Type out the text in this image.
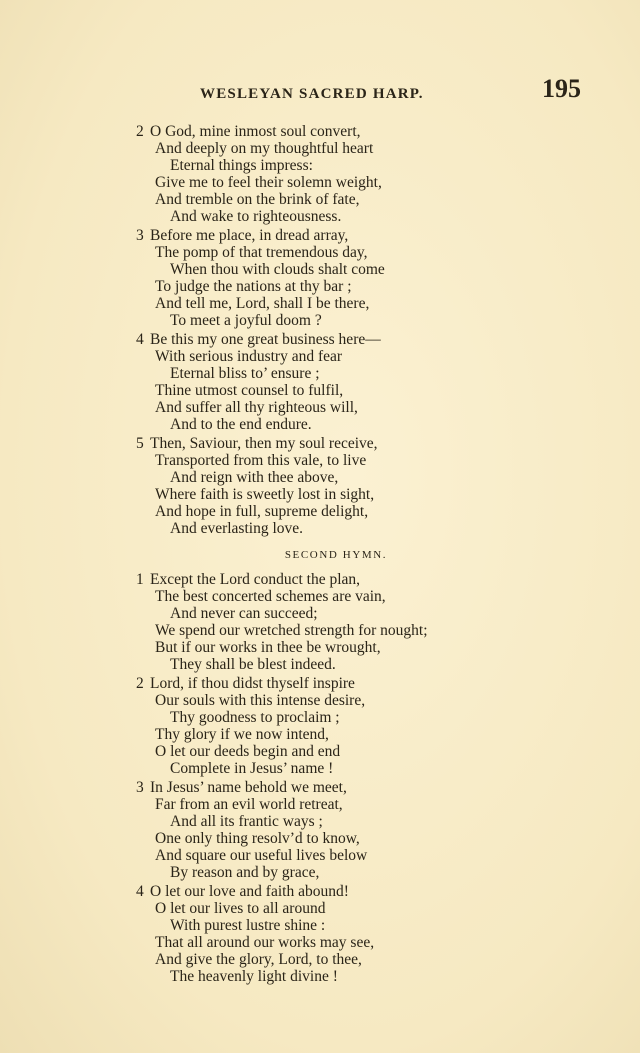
WESLEYAN SACRED HARP.	195
2 O God, mine inmost soul convert,
And deeply on my thoughtful heart
Eternal things impress:
Give me to feel their solemn weight,
And tremble on the brink of fate,
And wake to righteousness.
3 Before me place, in dread array,
The pomp of that tremendous day,
When thou with clouds shalt come
To judge the nations at thy bar ;
And tell me, Lord, shall I be there,
To meet a joyful doom ?
4 Be this my one great business here—
With serious industry and fear
Eternal bliss to’ ensure ;
Thine utmost counsel to fulfil,
And suffer all thy righteous will,
And to the end endure.
5 Then, Saviour, then my soul receive,
Transported from this vale, to live
And reign with thee above,
Where faith is sweetly lost in sight,
And hope in full, supreme delight,
And everlasting love.
SECOND HYMN.
1 Except the Lord conduct the plan,
The best concerted schemes are vain,
And never can succeed;
We spend our wretched strength for nought;
But if our works in thee be wrought,
They shall be blest indeed.
2 Lord, if thou didst thyself inspire
Our souls with this intense desire,
Thy goodness to proclaim ;
Thy glory if we now intend,
O let our deeds begin and end
Complete in Jesus’ name !
3 In Jesus’ name behold we meet,
Far from an evil world retreat,
And all its frantic ways ;
One only thing resolv’d to know,
And square our useful lives below
By reason and by grace,
4 O let our love and faith abound!
O let our lives to all around
With purest lustre shine :
That all around our works may see,
And give the glory, Lord, to thee,
The heavenly light divine !
